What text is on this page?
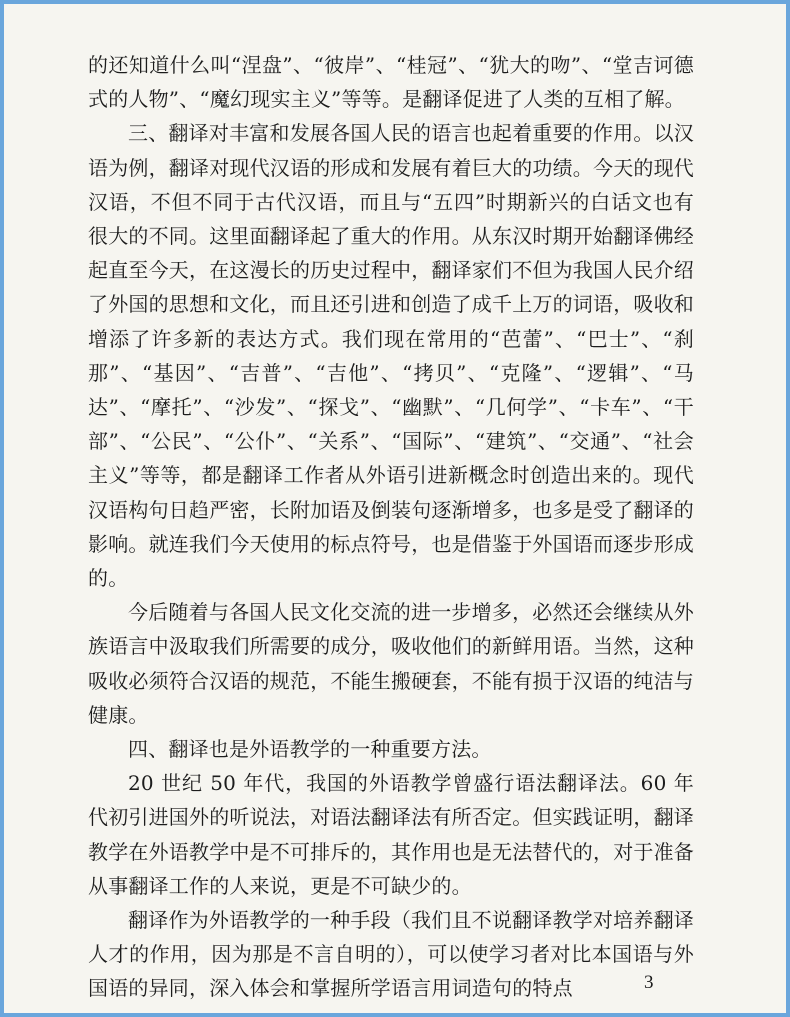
的还知道什么叫“涅盘”、“彼岸”、“桂冠”、“犹大的吻”、“堂吉诃德式的人物”、“魔幻现实主义”等等。是翻译促进了人类的互相了解。

三、翻译对丰富和发展各国人民的语言也起着重要的作用。以汉语为例，翻译对现代汉语的形成和发展有着巨大的功绩。今天的现代汉语，不但不同于古代汉语，而且与“五四”时期新兴的白话文也有很大的不同。这里面翻译起了重大的作用。从东汉时期开始翻译佛经起直至今天，在这漫长的历史过程中，翻译家们不但为我国人民介绍了外国的思想和文化，而且还引进和创造了成千上万的词语，吸收和增添了许多新的表达方式。我们现在常用的“芭蕾”、“巴士”、“刹那”、“基因”、“吉普”、“吉他”、“拷贝”、“克隆”、“逻辑”、“马达”、“摩托”、“沙发”、“探戈”、“幽默”、“几何学”、“卡车”、“干部”、“公民”、“公仆”、“关系”、“国际”、“建筑”、“交通”、“社会主义”等等，都是翻译工作者从外语引进新概念时创造出来的。现代汉语构句日趋严密，长附加语及倒装句逐渐增多，也多是受了翻译的影响。就连我们今天使用的标点符号，也是借鉴于外国语而逐步形成的。

今后随着与各国人民文化交流的进一步增多，必然还会继续从外族语言中汲取我们所需要的成分，吸收他们的新鲜用语。当然，这种吸收必须符合汉语的规范，不能生搬硬套，不能有损于汉语的纯洁与健康。

四、翻译也是外语教学的一种重要方法。

20 世纪 50 年代，我国的外语教学曾盛行语法翻译法。60 年代初引进国外的听说法，对语法翻译法有所否定。但实践证明，翻译教学在外语教学中是不可排斥的，其作用也是无法替代的，对于准备从事翻译工作的人来说，更是不可缺少的。

翻译作为外语教学的一种手段（我们且不说翻译教学对培养翻译人才的作用，因为那是不言自明的），可以使学习者对比本国语与外国语的异同，深入体会和掌握所学语言用词造句的特点	3
